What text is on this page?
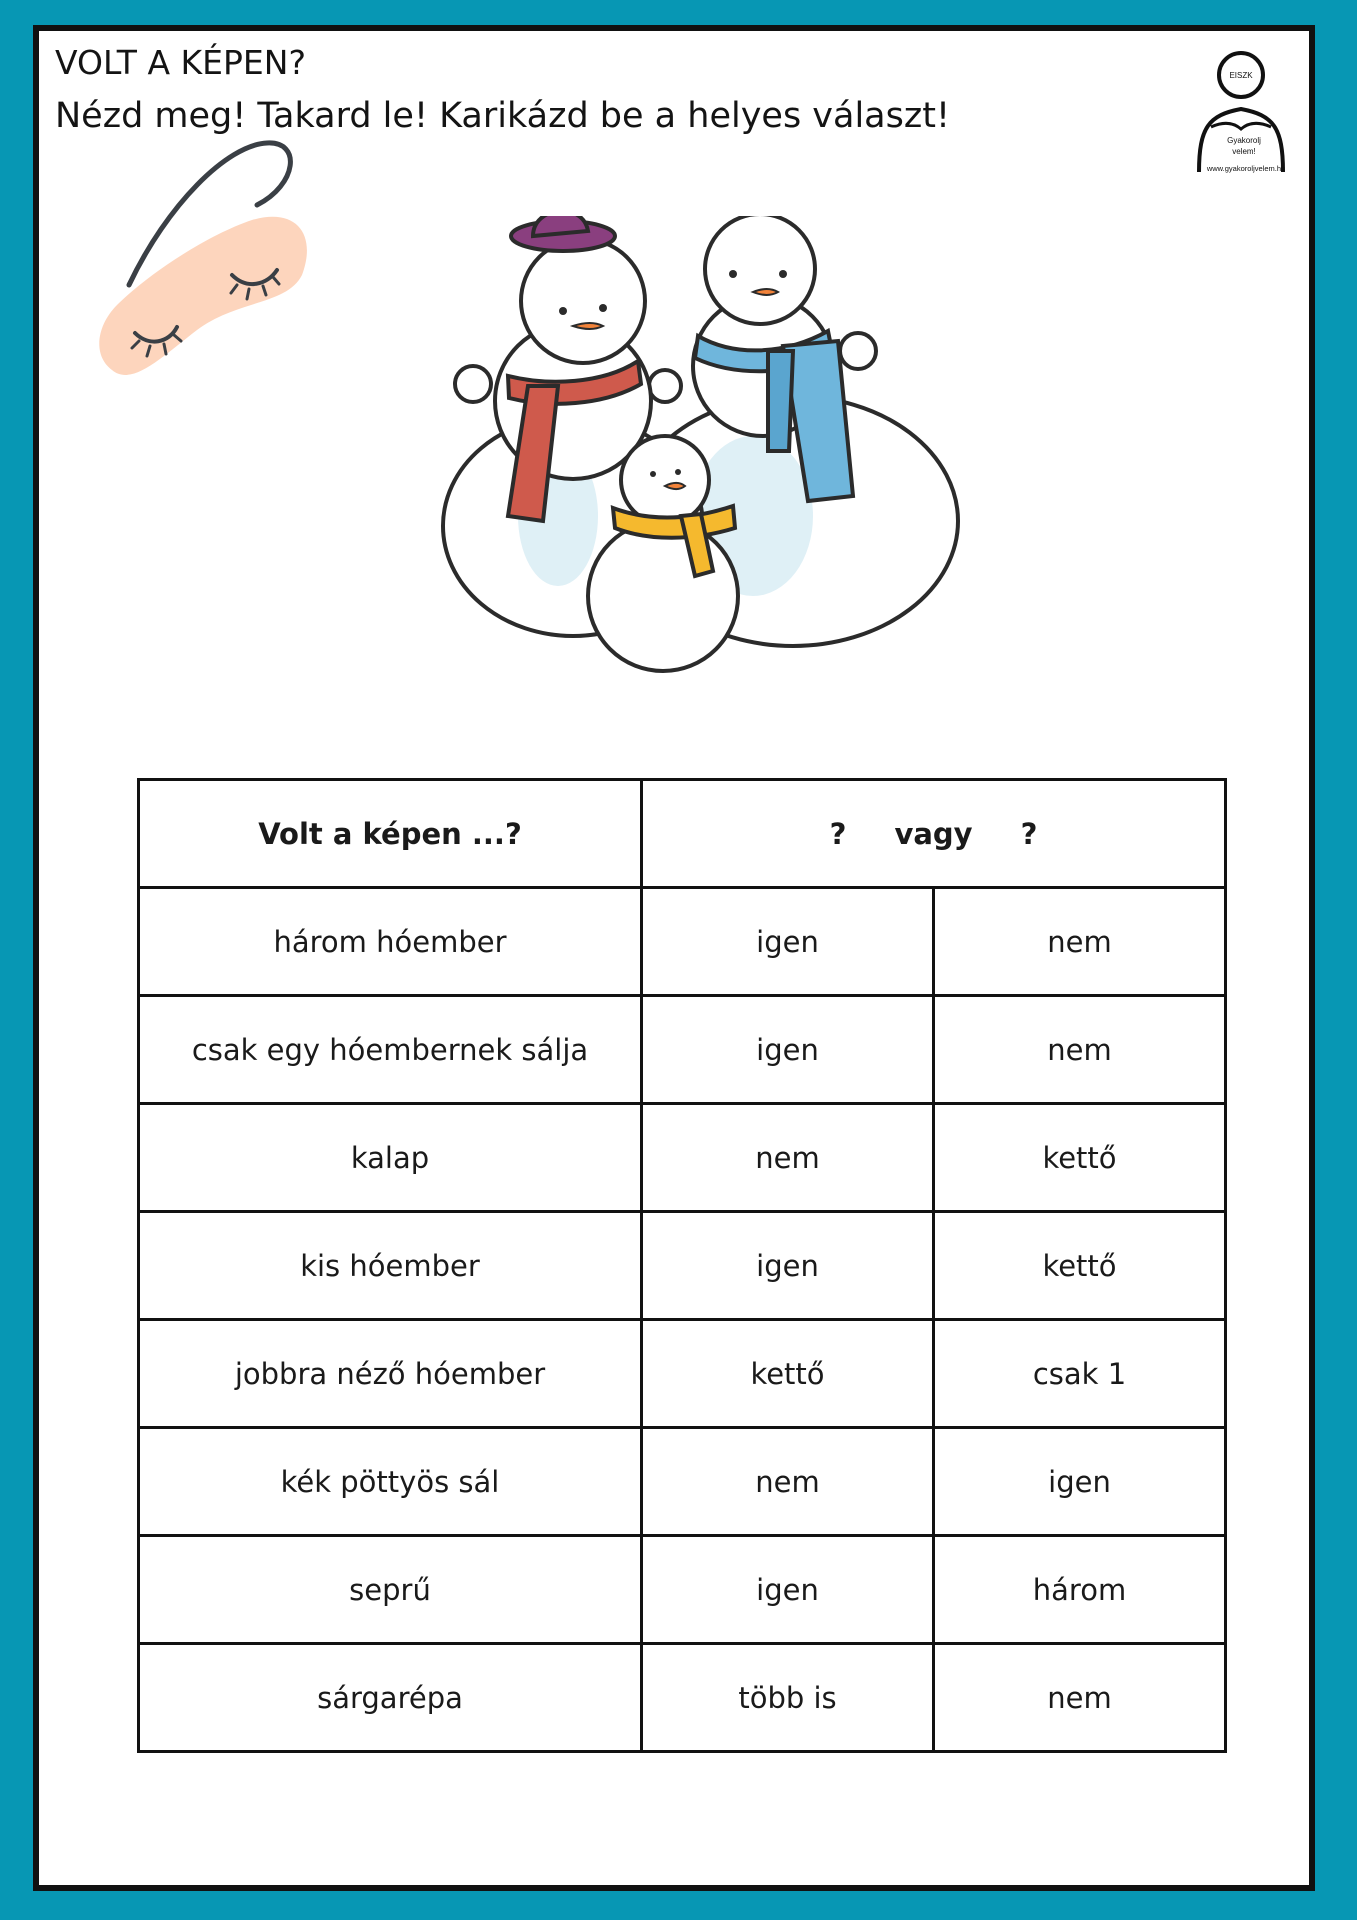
VOLT A KÉPEN?
Nézd meg! Takard le! Karikázd be a helyes választ!
EISZK
Gyakorolj
velem!
www.gyakoroljvelem.hu
Volt a képen ...?	? vagy ?	
három hóember	igen	nem
csak egy hóembernek sálja	igen	nem
kalap	nem	kettő
kis hóember	igen	kettő
jobbra néző hóember	kettő	csak 1
kék pöttyös sál	nem	igen
seprű	igen	három
sárgarépa	több is	nem
